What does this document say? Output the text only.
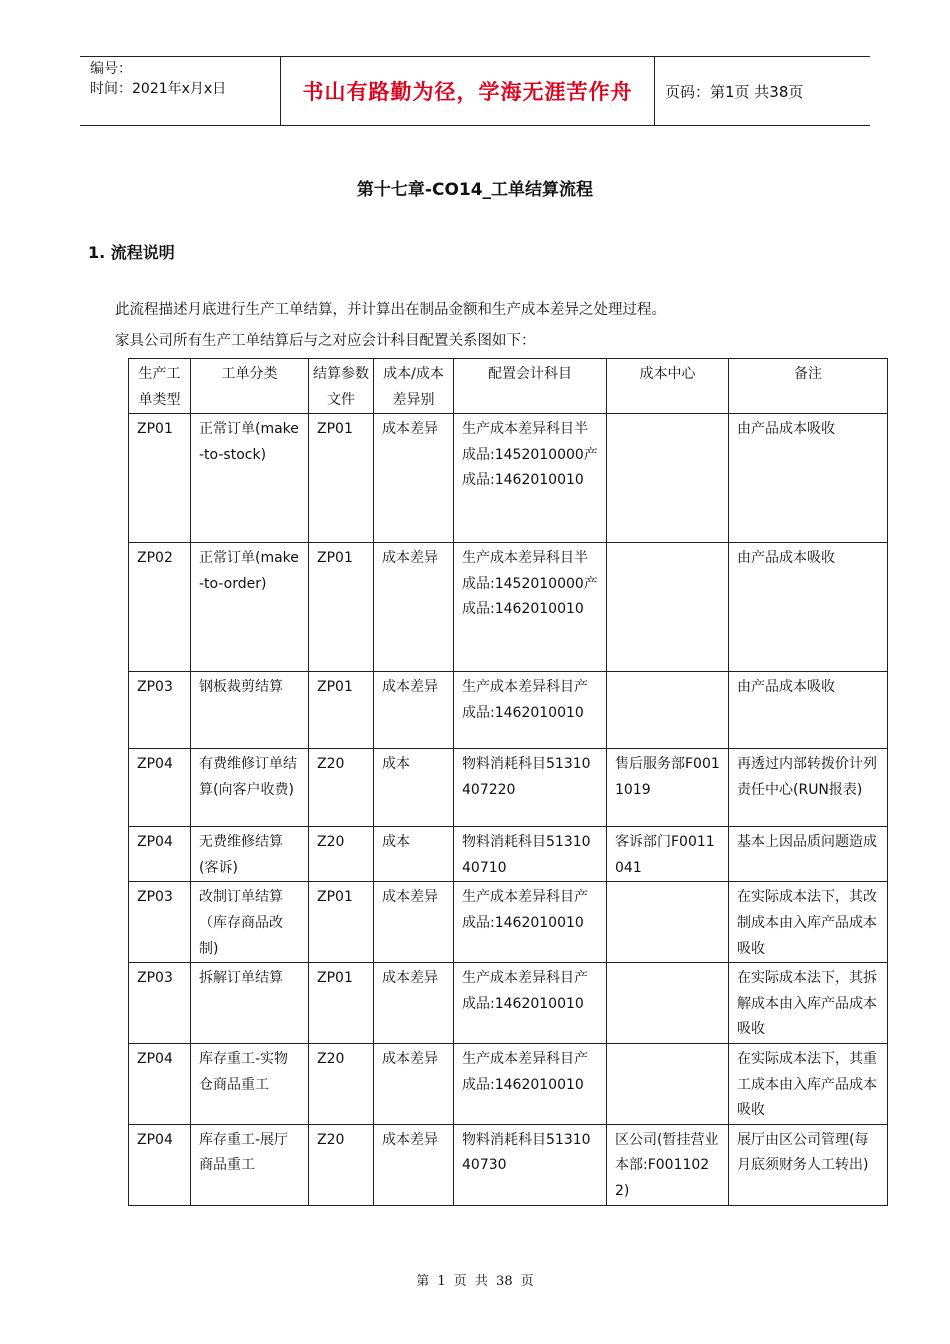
编号：
时间：2021年x月x日	书山有路勤为径，学海无涯苦作舟	页码：第1页 共38页
第十七章-CO14_工单结算流程
1. 流程说明
此流程描述月底进行生产工单结算，并计算出在制品金额和生产成本差异之处理过程。
家具公司所有生产工单结算后与之对应会计科目配置关系图如下：
生产工单类型	工单分类	结算参数文件	成本/成本差异别	配置会计科目	成本中心	备注
ZP01	正常订单(make-to-stock)	ZP01	成本差异	生产成本差异科目半成品:1452010000产成品:1462010010		由产品成本吸收
ZP02	正常订单(make-to-order)	ZP01	成本差异	生产成本差异科目半成品:1452010000产成品:1462010010		由产品成本吸收
ZP03	钢板裁剪结算	ZP01	成本差异	生产成本差异科目产成品:1462010010		由产品成本吸收
ZP04	有费维修订单结算(向客户收费)	Z20	成本	物料消耗科目51310407220	售后服务部F0011019	再透过内部转拨价计列责任中心(RUN报表)
ZP04	无费维修结算(客诉)	Z20	成本	物料消耗科目5131040710	客诉部门F0011041	基本上因品质问题造成
ZP03	改制订单结算（库存商品改制)	ZP01	成本差异	生产成本差异科目产成品:1462010010		在实际成本法下，其改制成本由入库产品成本吸收
ZP03	拆解订单结算	ZP01	成本差异	生产成本差异科目产成品:1462010010		在实际成本法下，其拆解成本由入库产品成本吸收
ZP04	库存重工-实物仓商品重工	Z20	成本差异	生产成本差异科目产成品:1462010010		在实际成本法下，其重工成本由入库产品成本吸收
ZP04	库存重工-展厅商品重工	Z20	成本差异	物料消耗科目5131040730	区公司(暂挂营业本部:F0011022)	展厅由区公司管理(每月底须财务人工转出)
第 1 页 共 38 页
